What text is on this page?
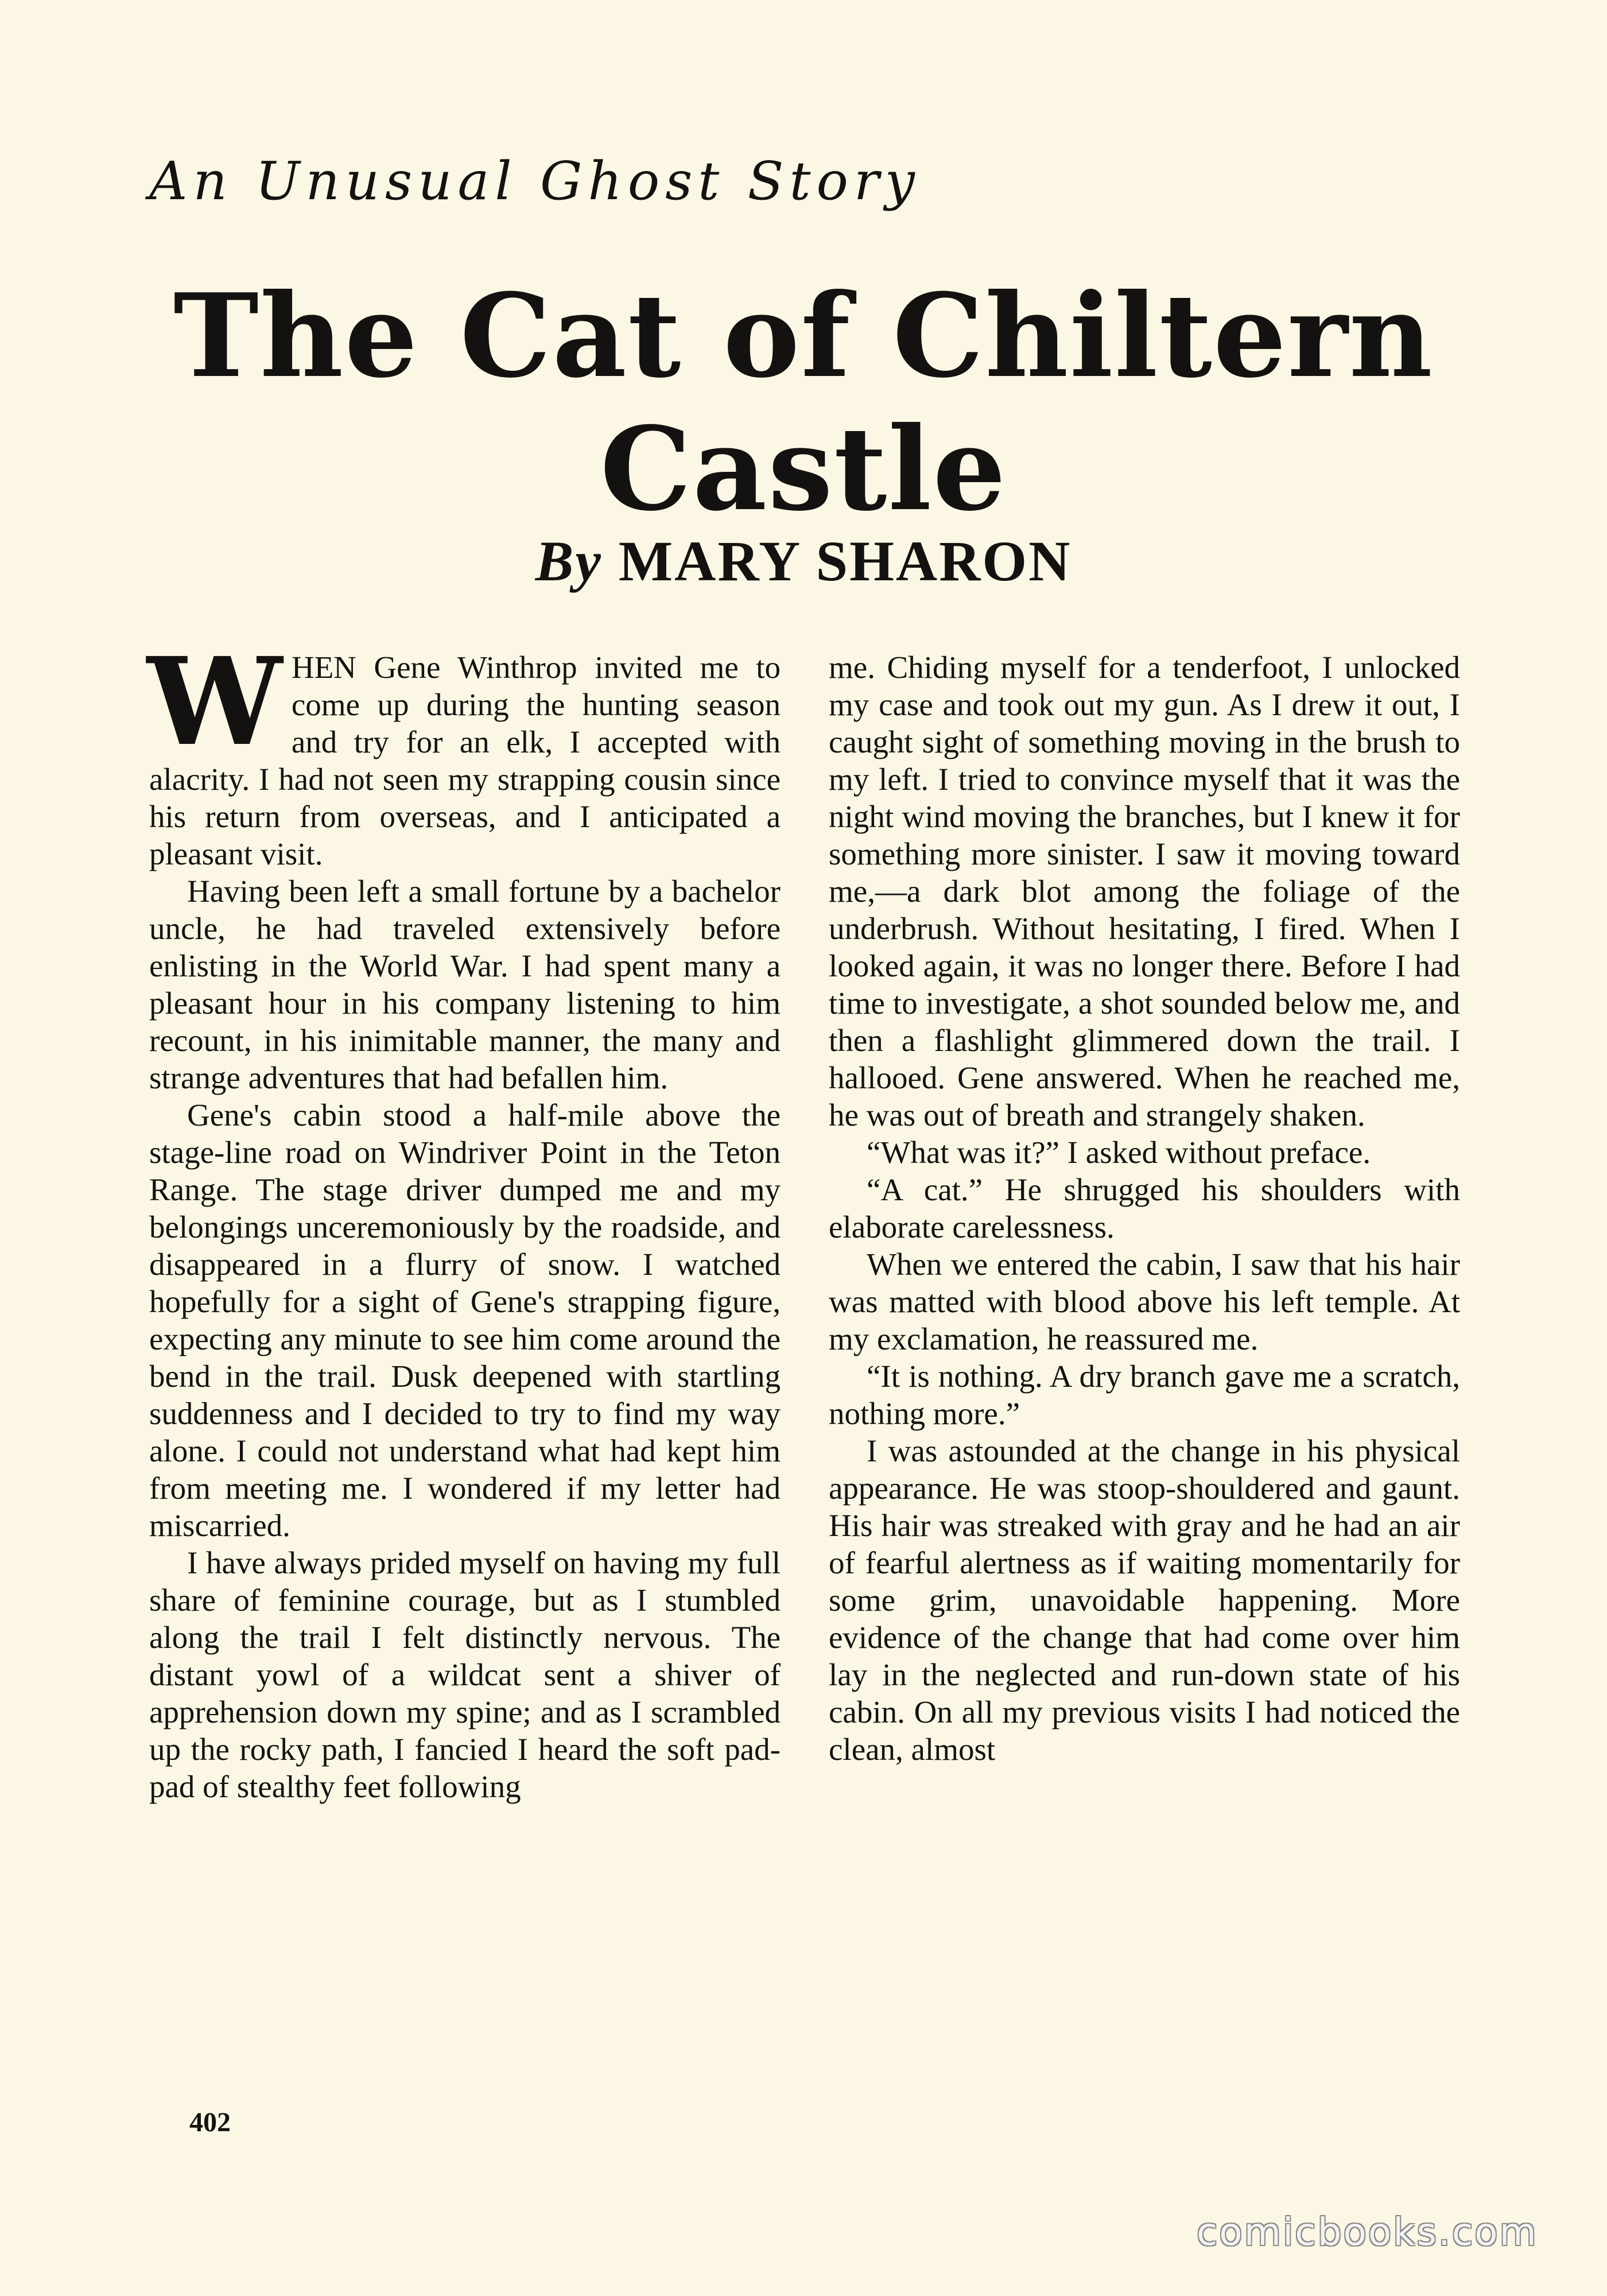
An Unusual Ghost Story
The Cat of Chiltern
Castle
By MARY SHARON

WHEN Gene Winthrop invited me to come up during the hunting season and try for an elk, I accepted with alacrity. I had not seen my strapping cousin since his return from overseas, and I anticipated a pleasant visit.

Having been left a small fortune by a bachelor uncle, he had traveled extensively before enlisting in the World War. I had spent many a pleasant hour in his company listening to him recount, in his inimitable manner, the many and strange adventures that had befallen him.

Gene's cabin stood a half-mile above the stage-line road on Windriver Point in the Teton Range. The stage driver dumped me and my belongings unceremoniously by the roadside, and disappeared in a flurry of snow. I watched hopefully for a sight of Gene's strapping figure, expecting any minute to see him come around the bend in the trail. Dusk deepened with startling suddenness and I decided to try to find my way alone. I could not understand what had kept him from meeting me. I wondered if my letter had miscarried.

I have always prided myself on having my full share of feminine courage, but as I stumbled along the trail I felt distinctly nervous. The distant yowl of a wildcat sent a shiver of apprehension down my spine; and as I scrambled up the rocky path, I fancied I heard the soft pad-pad of stealthy feet following

me. Chiding myself for a tenderfoot, I unlocked my case and took out my gun. As I drew it out, I caught sight of something moving in the brush to my left. I tried to convince myself that it was the night wind moving the branches, but I knew it for something more sinister. I saw it moving toward me,—a dark blot among the foliage of the underbrush. Without hesitating, I fired. When I looked again, it was no longer there. Before I had time to investigate, a shot sounded below me, and then a flashlight glimmered down the trail. I hallooed. Gene answered. When he reached me, he was out of breath and strangely shaken.

“What was it?” I asked without preface.

“A cat.” He shrugged his shoulders with elaborate carelessness.

When we entered the cabin, I saw that his hair was matted with blood above his left temple. At my exclamation, he reassured me.

“It is nothing. A dry branch gave me a scratch, nothing more.”

I was astounded at the change in his physical appearance. He was stoop-shouldered and gaunt. His hair was streaked with gray and he had an air of fearful alertness as if waiting momentarily for some grim, unavoidable happening. More evidence of the change that had come over him lay in the neglected and run-down state of his cabin. On all my previous visits I had noticed the clean, almost

402
comicbooks.com
